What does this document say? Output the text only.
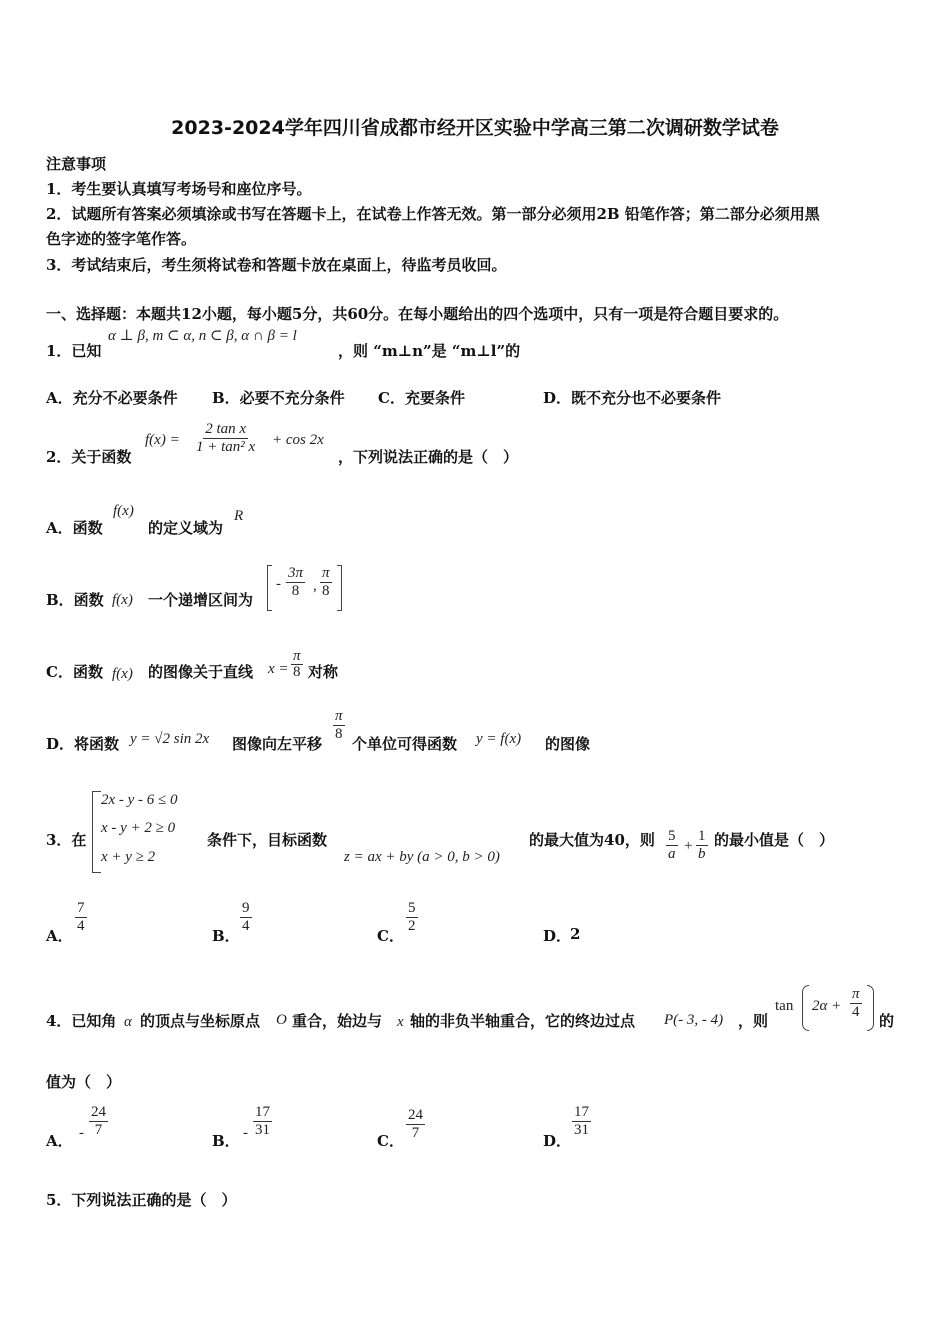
2023-2024学年四川省成都市经开区实验中学高三第二次调研数学试卷
注意事项
1．考生要认真填写考场号和座位序号。
2．试题所有答案必须填涂或书写在答题卡上，在试卷上作答无效。第一部分必须用2B 铅笔作答；第二部分必须用黑
色字迹的签字笔作答。
3．考试结束后，考生须将试卷和答题卡放在桌面上，待监考员收回。
一、选择题：本题共12小题，每小题5分，共60分。在每小题给出的四个选项中，只有一项是符合题目要求的。
1．已知
α ⊥ β, m ⊂ α, n ⊂ β, α ∩ β = l
，则 “m⊥n”是 “m⊥l”的
A．充分不必要条件 B．必要不充分条件 C．充要条件	D．既不充分也不必要条件
2．关于函数
$f(x) = \frac{\text{2 tan x}}{\text{1 + tan² x}} + \cos 2x$
，下列说法正确的是（　）
A．函数
f(x)
的定义域为
R
B．函数 f(x) 一个递增区间为
- $\frac{3\pi}{8}$ , $\frac{\pi}{8}$
C．函数 f(x) 的图像关于直线 $x = \frac{\pi}{8}$ 对称
D．将函数 y = √2 sin 2x 图像向左平移
$\frac{\pi}{8}$
个单位可得函数 y = f(x) 的图像
3．在
2x - y - 6 ≤ 0
x - y + 2 ≥ 0
x + y ≥ 2
条件下，目标函数
z = ax + by (a > 0, b > 0)
的最大值为40，则 $\frac{5}{a} + \frac{1}{b}$ 的最小值是（　）
A．
$\frac{7}{4}$
B．
$\frac{9}{4}$
C．
$\frac{5}{2}$
D．
2
4．已知角 α 的顶点与坐标原点 O 重合，始边与 x 轴的非负半轴重合，它的终边过点 P(- 3, - 4) ，则
$\tan 2\alpha + \frac{\pi}{4}$ 的
值为（　）
A． - $\frac{24}{7}$
B． - $\frac{17}{31}$
C． $\frac{24}{7}$	D．
$\frac{17}{31}$
5．下列说法正确的是（　）
